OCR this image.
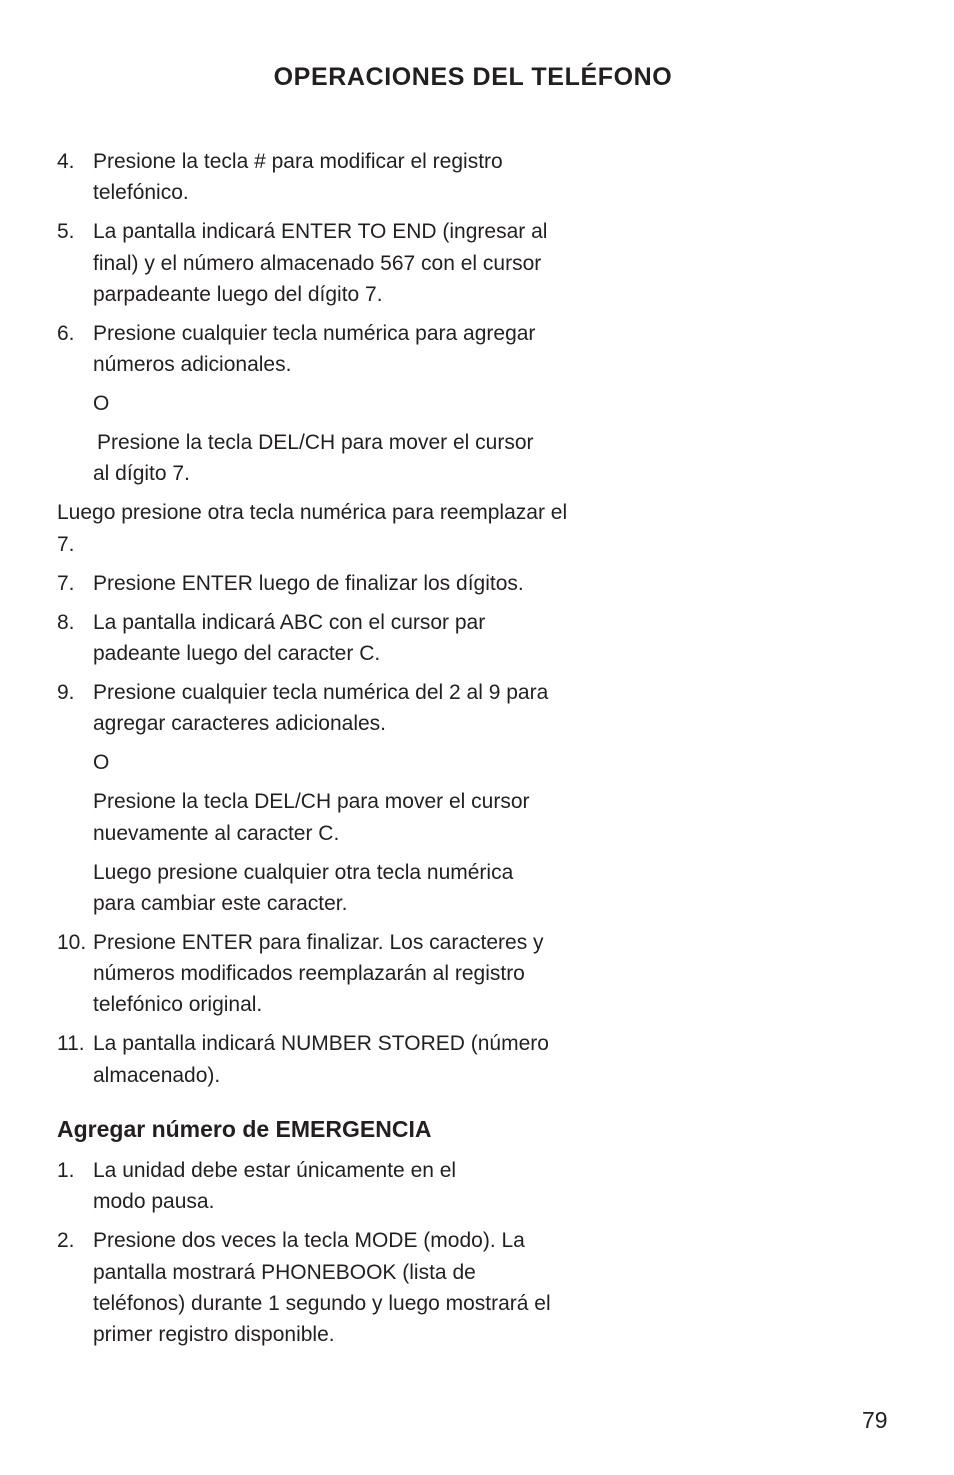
OPERACIONES DEL TELÉFONO
4. Presione la tecla # para modificar el registro telefónico.
5. La pantalla indicará ENTER TO END (ingresar al final) y el número almacenado 567 con el cursor parpadeante luego del dígito 7.
6. Presione cualquier tecla numérica para agregar números adicionales.
O
Presione la tecla DEL/CH para mover el cursor
al dígito 7.
Luego presione otra tecla numérica para reemplazar el 7.
7. Presione ENTER luego de finalizar los dígitos.
8. La pantalla indicará ABC con el cursor par padeante luego del caracter C.
9. Presione cualquier tecla numérica del 2 al 9 para agregar caracteres adicionales.
O
Presione la tecla DEL/CH para mover el cursor nuevamente al caracter C.
Luego presione cualquier otra tecla numérica para cambiar este caracter.
10. Presione ENTER para finalizar. Los caracteres y números modificados reemplazarán al registro telefónico original.
11. La pantalla indicará NUMBER STORED (número almacenado).
Agregar número de EMERGENCIA
1. La unidad debe estar únicamente en el modo pausa.
2. Presione dos veces la tecla MODE (modo). La pantalla mostrará PHONEBOOK (lista de teléfonos) durante 1 segundo y luego mostrará el primer registro disponible.
79
